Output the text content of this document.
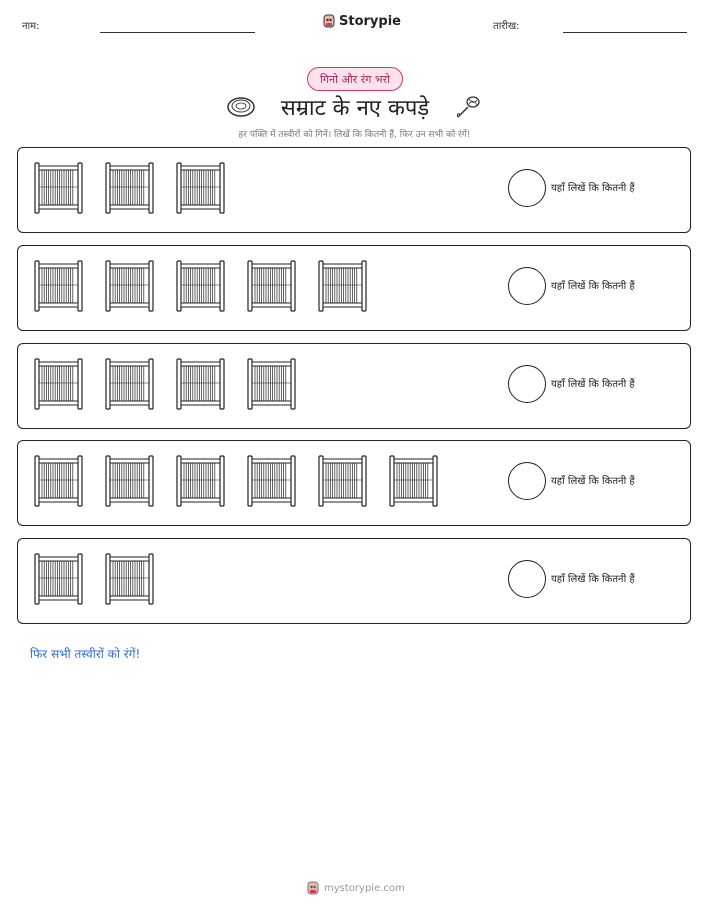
नाम:	Storypie	तारीख:
गिनो और रंग भरो
सम्राट के नए कपड़े
हर पंक्ति में तस्वीरों को गिनें। लिखें कि कितनी हैं, फिर उन सभी को रंगें!
यहाँ लिखें कि कितनी हैं
यहाँ लिखें कि कितनी हैं
यहाँ लिखें कि कितनी हैं
यहाँ लिखें कि कितनी हैं
यहाँ लिखें कि कितनी हैं
फिर सभी तस्वीरों को रंगें!
mystorypie.com
